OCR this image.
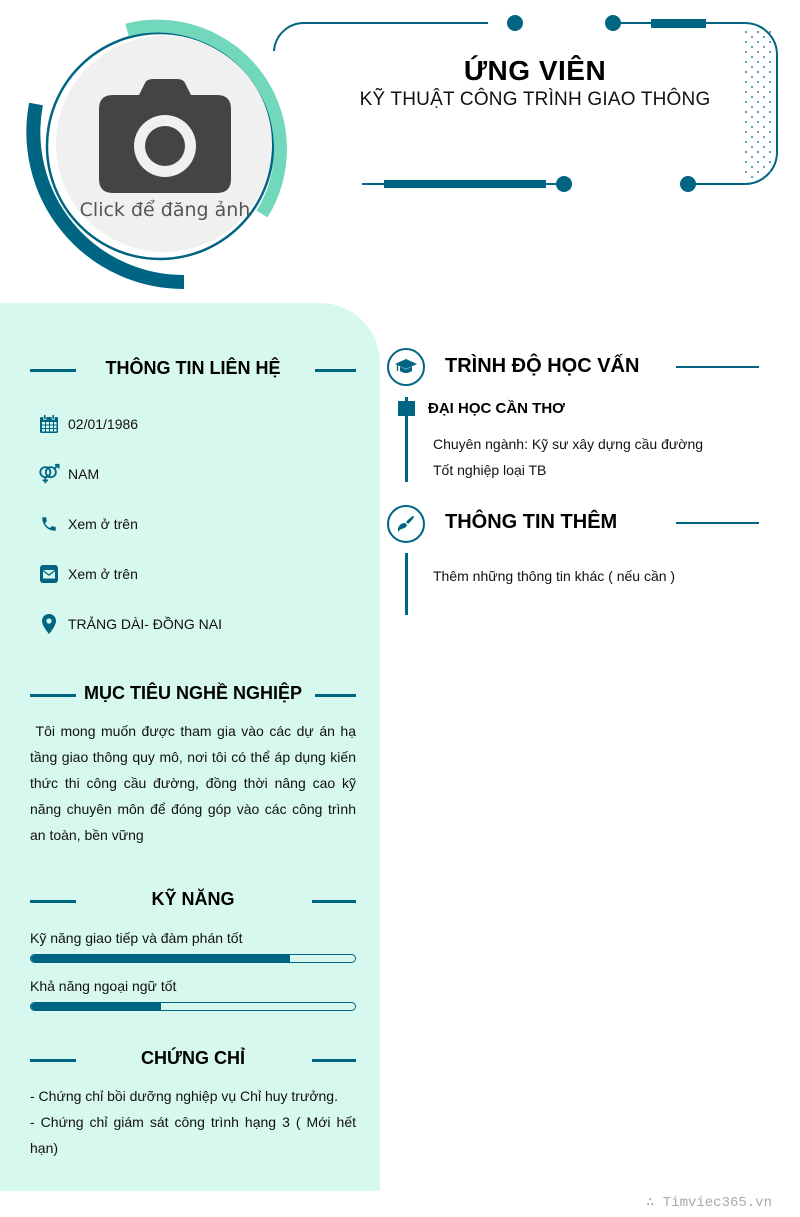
Click để đăng ảnh
ỨNG VIÊN
KỸ THUẬT CÔNG TRÌNH GIAO THÔNG
THÔNG TIN LIÊN HỆ
02/01/1986
NAM
Xem ở trên
Xem ở trên
TRẢNG DÀI- ĐỒNG NAI
MỤC TIÊU NGHỀ NGHIỆP
Tôi mong muốn được tham gia vào các dự án hạ tầng giao thông quy mô, nơi tôi có thể áp dụng kiến thức thi công cầu đường, đồng thời nâng cao kỹ năng chuyên môn để đóng góp vào các công trình an toàn, bền vững
KỸ NĂNG
Kỹ năng giao tiếp và đàm phán tốt
Khả năng ngoại ngữ tốt
CHỨNG CHỈ
- Chứng chỉ bồi dưỡng nghiệp vụ Chỉ huy trưởng.
- Chứng chỉ giám sát công trình hạng 3 ( Mới hết hạn)
TRÌNH ĐỘ HỌC VẤN
ĐẠI HỌC CẦN THƠ
Chuyên ngành: Kỹ sư xây dựng cầu đường
Tốt nghiệp loại TB
THÔNG TIN THÊM
Thêm những thông tin khác ( nếu cần )
∴ Timviec365.vn
